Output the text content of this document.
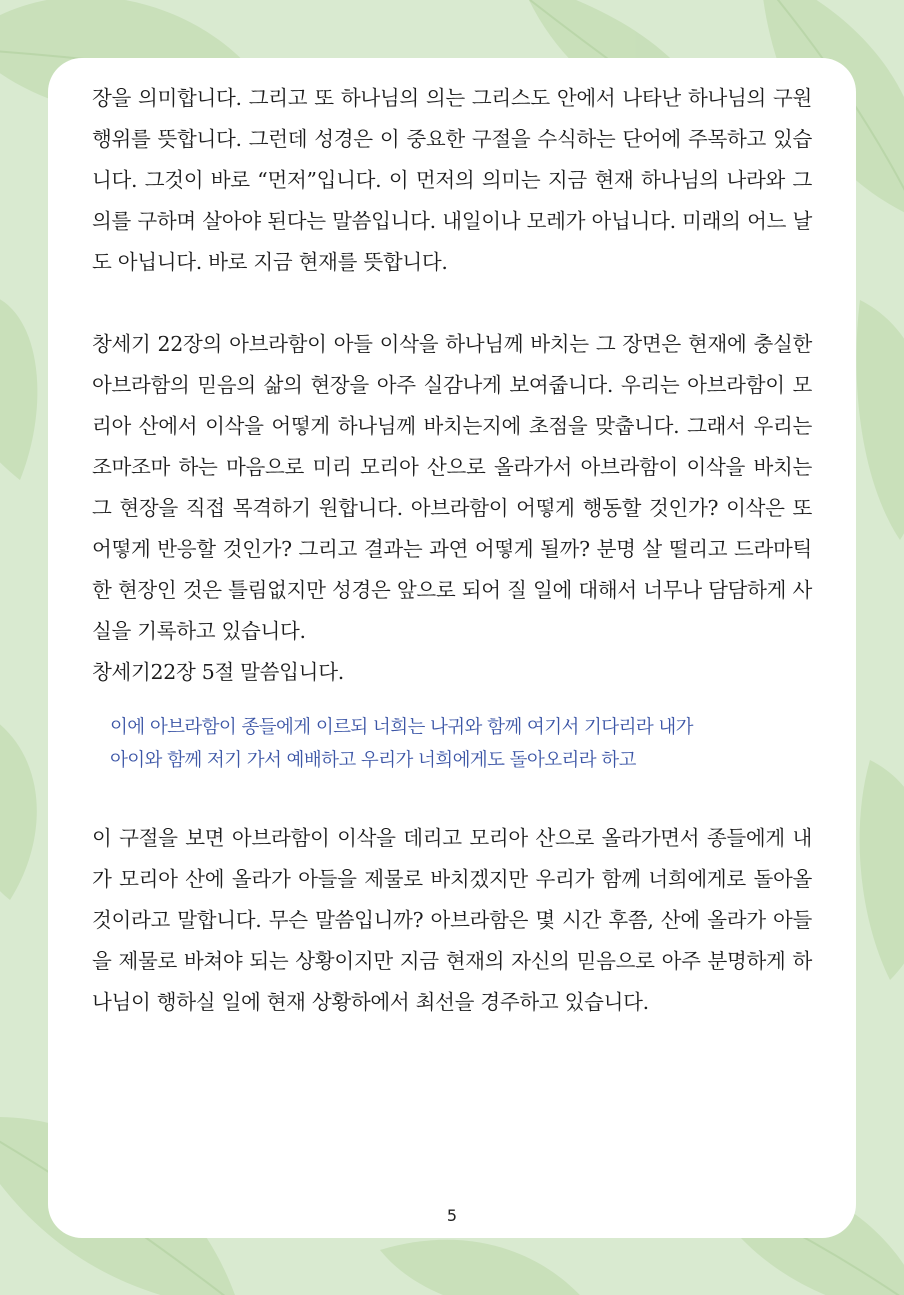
장을 의미합니다. 그리고 또 하나님의 의는 그리스도 안에서 나타난 하나님의 구원행위를 뜻합니다. 그런데 성경은 이 중요한 구절을 수식하는 단어에 주목하고 있습니다. 그것이 바로 “먼저”입니다. 이 먼저의 의미는 지금 현재 하나님의 나라와 그 의를 구하며 살아야 된다는 말씀입니다. 내일이나 모레가 아닙니다. 미래의 어느 날도 아닙니다. 바로 지금 현재를 뜻합니다.

창세기 22장의 아브라함이 아들 이삭을 하나님께 바치는 그 장면은 현재에 충실한 아브라함의 믿음의 삶의 현장을 아주 실감나게 보여줍니다. 우리는 아브라함이 모리아 산에서 이삭을 어떻게 하나님께 바치는지에 초점을 맞춥니다. 그래서 우리는 조마조마 하는 마음으로 미리 모리아 산으로 올라가서 아브라함이 이삭을 바치는 그 현장을 직접 목격하기 원합니다. 아브라함이 어떻게 행동할 것인가? 이삭은 또 어떻게 반응할 것인가? 그리고 결과는 과연 어떻게 될까? 분명 살 떨리고 드라마틱한 현장인 것은 틀림없지만 성경은 앞으로 되어 질 일에 대해서 너무나 담담하게 사실을 기록하고 있습니다.

창세기22장 5절 말씀입니다.

이에 아브라함이 종들에게 이르되 너희는 나귀와 함께 여기서 기다리라 내가
아이와 함께 저기 가서 예배하고 우리가 너희에게도 돌아오리라 하고

이 구절을 보면 아브라함이 이삭을 데리고 모리아 산으로 올라가면서 종들에게 내가 모리아 산에 올라가 아들을 제물로 바치겠지만 우리가 함께 너희에게로 돌아올 것이라고 말합니다. 무슨 말씀입니까? 아브라함은 몇 시간 후쯤, 산에 올라가 아들을 제물로 바쳐야 되는 상황이지만 지금 현재의 자신의 믿음으로 아주 분명하게 하나님이 행하실 일에 현재 상황하에서 최선을 경주하고 있습니다.

5
